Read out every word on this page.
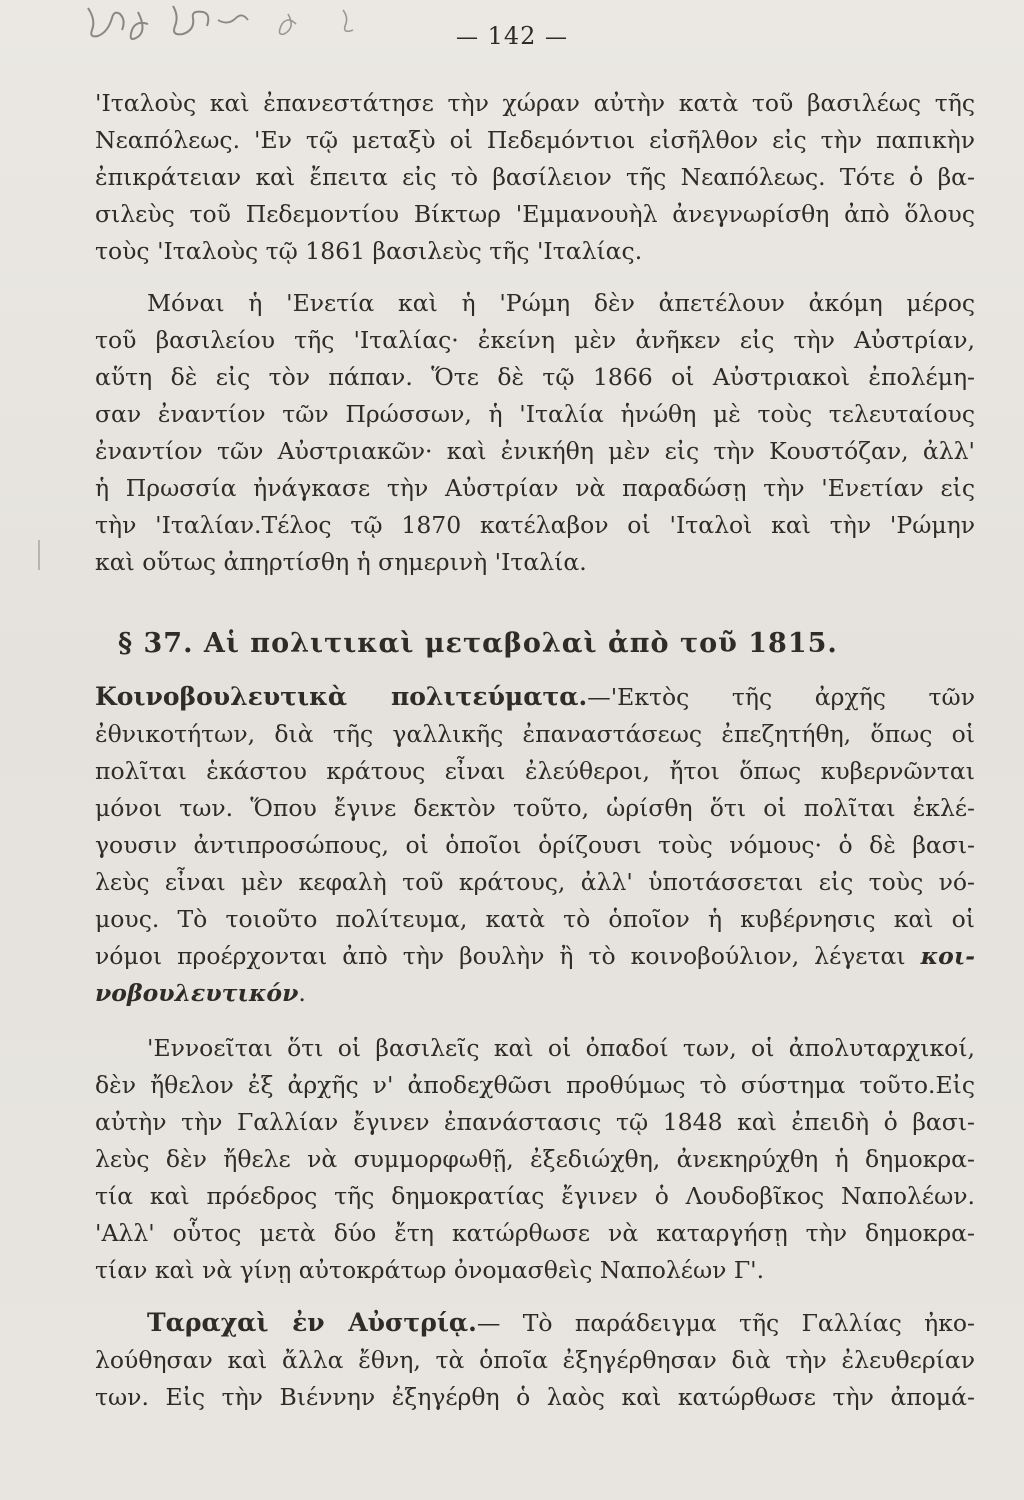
— 142 —
'Ιταλοὺς καὶ ἐπανεστάτησε τὴν χώραν αὐτὴν κατὰ τοῦ βασιλέως τῆς
Νεαπόλεως. 'Εν τῷ μεταξὺ οἱ Πεδεμόντιοι εἰσῆλθον εἰς τὴν παπικὴν
ἐπικράτειαν καὶ ἔπειτα εἰς τὸ βασίλειον τῆς Νεαπόλεως. Τότε ὁ βα-
σιλεὺς τοῦ Πεδεμοντίου Βίκτωρ 'Εμμανουὴλ ἀνεγνωρίσθη ἀπὸ ὅλους
τοὺς 'Ιταλοὺς τῷ 1861 βασιλεὺς τῆς 'Ιταλίας.
Μόναι ἡ 'Ενετία καὶ ἡ 'Ρώμη δὲν ἀπετέλουν ἀκόμη μέρος
τοῦ βασιλείου τῆς 'Ιταλίας· ἐκείνη μὲν ἀνῆκεν εἰς τὴν Αὐστρίαν,
αὕτη δὲ εἰς τὸν πάπαν. Ὅτε δὲ τῷ 1866 οἱ Αὐστριακοὶ ἐπολέμη-
σαν ἐναντίον τῶν Πρώσσων, ἡ 'Ιταλία ἡνώθη μὲ τοὺς τελευταίους
ἐναντίον τῶν Αὐστριακῶν· καὶ ἐνικήθη μὲν εἰς τὴν Κουστόζαν, ἀλλ'
ἡ Πρωσσία ἠνάγκασε τὴν Αὐστρίαν νὰ παραδώσῃ τὴν 'Ενετίαν εἰς
τὴν 'Ιταλίαν.Τέλος τῷ 1870 κατέλαβον οἱ 'Ιταλοὶ καὶ τὴν 'Ρώμην
καὶ οὕτως ἀπηρτίσθη ἡ σημερινὴ 'Ιταλία.
§ 37. Αἱ πολιτικαὶ μεταβολαὶ ἀπὸ τοῦ 1815.
Κοινοβουλευτικὰ πολιτεύματα.—'Εκτὸς τῆς ἀρχῆς τῶν
ἐθνικοτήτων, διὰ τῆς γαλλικῆς ἐπαναστάσεως ἐπεζητήθη, ὅπως οἱ
πολῖται ἑκάστου κράτους εἶναι ἐλεύθεροι, ἤτοι ὅπως κυβερνῶνται
μόνοι των. Ὅπου ἔγινε δεκτὸν τοῦτο, ὡρίσθη ὅτι οἱ πολῖται ἐκλέ-
γουσιν ἀντιπροσώπους, οἱ ὁποῖοι ὁρίζουσι τοὺς νόμους· ὁ δὲ βασι-
λεὺς εἶναι μὲν κεφαλὴ τοῦ κράτους, ἀλλ' ὑποτάσσεται εἰς τοὺς νό-
μους. Τὸ τοιοῦτο πολίτευμα, κατὰ τὸ ὁποῖον ἡ κυβέρνησις καὶ οἱ
νόμοι προέρχονται ἀπὸ τὴν βουλὴν ἢ τὸ κοινοβούλιον, λέγεται κοι-
νοβουλευτικόν.
'Εννοεῖται ὅτι οἱ βασιλεῖς καὶ οἱ ὀπαδοί των, οἱ ἀπολυταρχικοί,
δὲν ἤθελον ἐξ ἀρχῆς ν' ἀποδεχθῶσι προθύμως τὸ σύστημα τοῦτο.Εἰς
αὐτὴν τὴν Γαλλίαν ἔγινεν ἐπανάστασις τῷ 1848 καὶ ἐπειδὴ ὁ βασι-
λεὺς δὲν ἤθελε νὰ συμμορφωθῇ, ἐξεδιώχθη, ἀνεκηρύχθη ἡ δημοκρα-
τία καὶ πρόεδρος τῆς δημοκρατίας ἔγινεν ὁ Λουδοβῖκος Ναπολέων.
'Αλλ' οὗτος μετὰ δύο ἔτη κατώρθωσε νὰ καταργήσῃ τὴν δημοκρα-
τίαν καὶ νὰ γίνῃ αὐτοκράτωρ ὀνομασθεὶς Ναπολέων Γ'.
Ταραχαὶ ἐν Αὐστρίᾳ.— Τὸ παράδειγμα τῆς Γαλλίας ἠκο-
λούθησαν καὶ ἄλλα ἔθνη, τὰ ὁποῖα ἐξηγέρθησαν διὰ τὴν ἐλευθερίαν
των. Εἰς τὴν Βιέννην ἐξηγέρθη ὁ λαὸς καὶ κατώρθωσε τὴν ἀπομά-
